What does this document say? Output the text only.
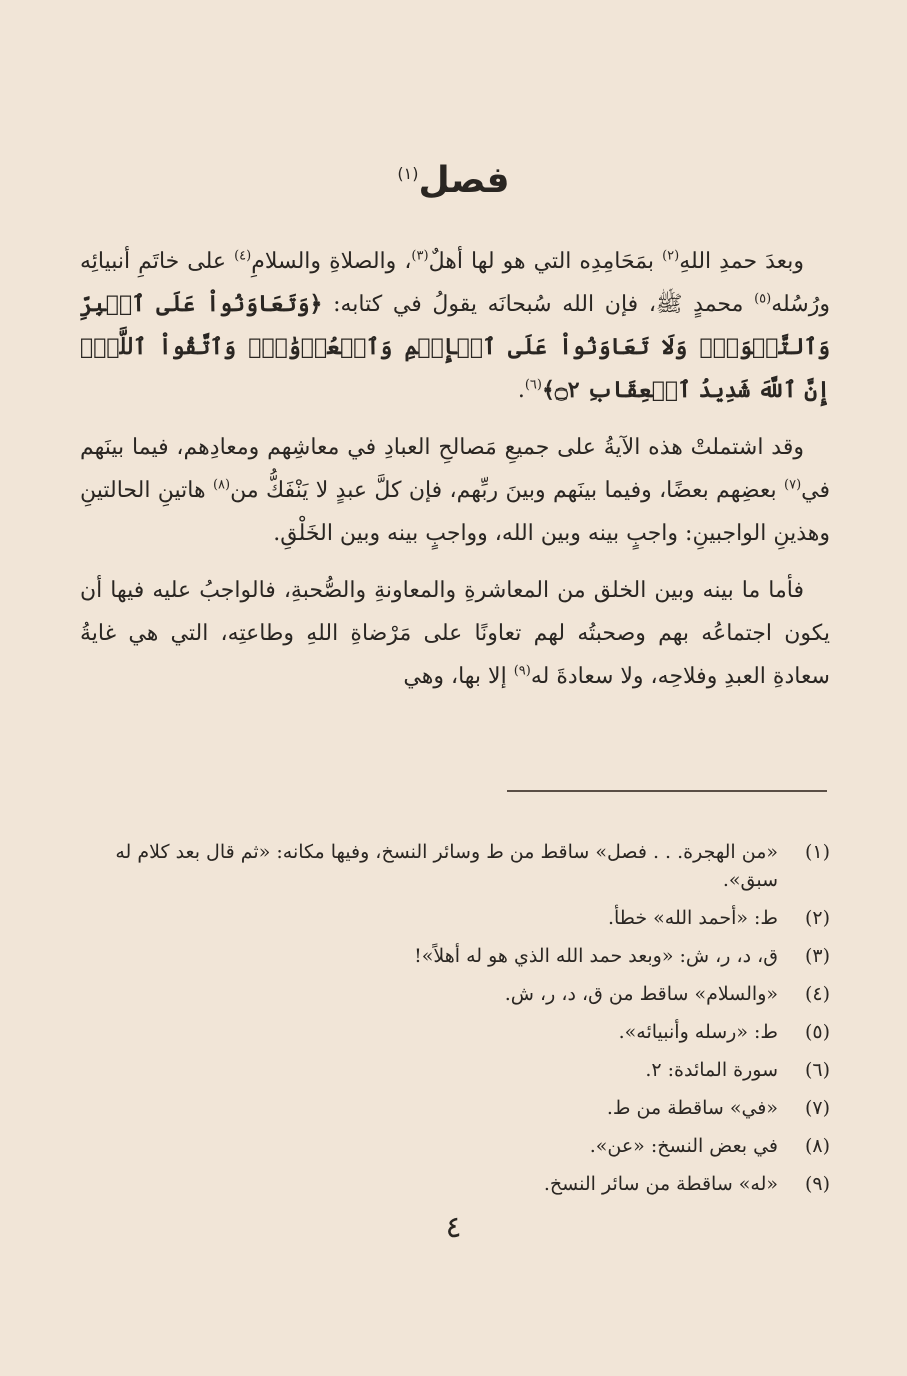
فصل$^{(١)}$

وبعدَ حمدِ اللهِ$^{(٢)}$ بمَحَامِدِه التي هو لها أهلٌ$^{(٣)}$، والصلاةِ والسلامِ$^{(٤)}$ على خاتَمِ أنبيائِه ورُسُله$^{(٥)}$ محمدٍ ﷺ، فإن الله سُبحانَه يقولُ في كتابه: ﴿وَتَعَاوَنُواْ عَلَى ٱلۡبِرِّ وَٱلتَّقۡوَىٰۖ وَلَا تَعَاوَنُواْ عَلَى ٱلۡإِثۡمِ وَٱلۡعُدۡوَٰنِۚ وَٱتَّقُواْ ٱللَّهَۖ إِنَّ ٱللَّهَ شَدِيدُ ٱلۡعِقَابِ ۝٢﴾$^{(٦)}$.

وقد اشتملتْ هذه الآيةُ على جميعِ مَصالحِ العبادِ في معاشِهم ومعادِهم، فيما بينَهم في$^{(٧)}$ بعضِهم بعضًا، وفيما بينَهم وبينَ ربِّهم، فإن كلَّ عبدٍ لا يَنْفَكُّ من$^{(٨)}$ هاتينِ الحالتينِ وهذينِ الواجبينِ: واجبٍ بينه وبين الله، وواجبٍ بينه وبين الخَلْقِ.

فأما ما بينه وبين الخلق من المعاشرةِ والمعاونةِ والصُّحبةِ، فالواجبُ عليه فيها أن يكون اجتماعُه بهم وصحبتُه لهم تعاونًا على مَرْضاةِ اللهِ وطاعتِه، التي هي غايةُ سعادةِ العبدِ وفلاحِه، ولا سعادةَ له$^{(٩)}$ إلا بها، وهي

(١)
«من الهجرة. . . فصل» ساقط من ط وسائر النسخ، وفيها مكانه: «ثم قال بعد كلام له سبق».
(٢)
ط: «أحمد الله» خطأ.
(٣)
ق، د، ر، ش: «وبعد حمد الله الذي هو له أهلاً»!
(٤)
«والسلام» ساقط من ق، د، ر، ش.
(٥)
ط: «رسله وأنبيائه».
(٦)
سورة المائدة: ٢.
(٧)
«في» ساقطة من ط.
(٨)
في بعض النسخ: «عن».
(٩)
«له» ساقطة من سائر النسخ.
٤
